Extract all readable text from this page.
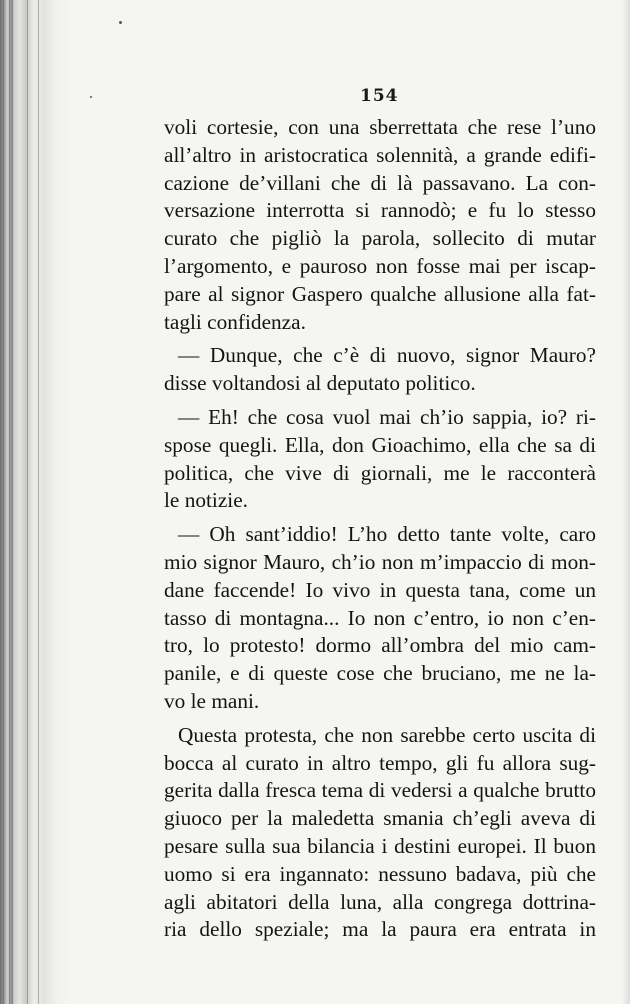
154
voli cortesie, con una sberrettata che rese l’uno
all’altro in aristocratica solennità, a grande edifi-
cazione de’villani che di là passavano. La con-
versazione interrotta si rannodò; e fu lo stesso
curato che pigliò la parola, sollecito di mutar
l’argomento, e pauroso non fosse mai per iscap-
pare al signor Gaspero qualche allusione alla fat-
tagli confidenza.
— Dunque, che c’è di nuovo, signor Mauro?
disse voltandosi al deputato politico.
— Eh! che cosa vuol mai ch’io sappia, io? ri-
spose quegli. Ella, don Gioachimo, ella che sa di
politica, che vive di giornali, me le racconterà
le notizie.
— Oh sant’iddio! L’ho detto tante volte, caro
mio signor Mauro, ch’io non m’impaccio di mon-
dane faccende! Io vivo in questa tana, come un
tasso di montagna... Io non c’entro, io non c’en-
tro, lo protesto! dormo all’ombra del mio cam-
panile, e di queste cose che bruciano, me ne la-
vo le mani.
Questa protesta, che non sarebbe certo uscita di
bocca al curato in altro tempo, gli fu allora sug-
gerita dalla fresca tema di vedersi a qualche brutto
giuoco per la maledetta smania ch’egli aveva di
pesare sulla sua bilancia i destini europei. Il buon
uomo si era ingannato: nessuno badava, più che
agli abitatori della luna, alla congrega dottrina-
ria dello speziale; ma la paura era entrata in
